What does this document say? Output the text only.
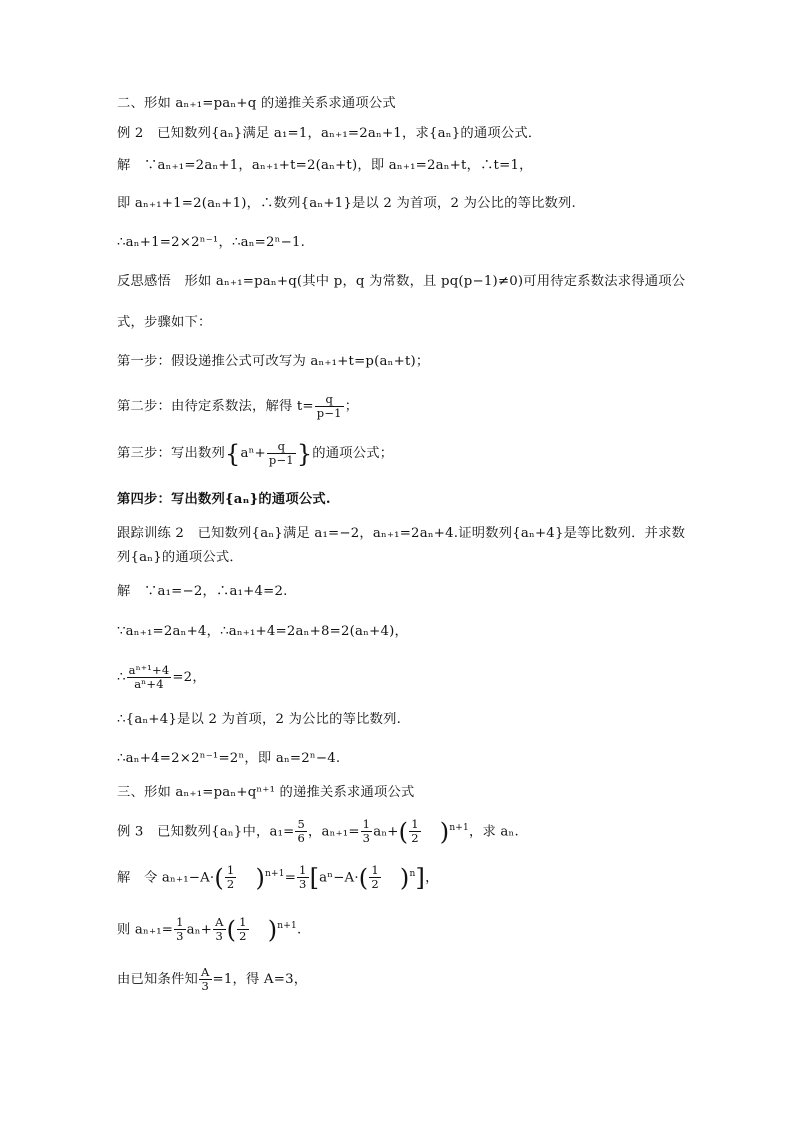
二、形如 aₙ₊₁=paₙ+q 的递推关系求通项公式
例 2　已知数列{aₙ}满足 a₁=1，aₙ₊₁=2aₙ+1，求{aₙ}的通项公式．
解　∵aₙ₊₁=2aₙ+1，aₙ₊₁+t=2(aₙ+t)，即 aₙ₊₁=2aₙ+t，∴t=1，
即 aₙ₊₁+1=2(aₙ+1)，∴数列{aₙ+1}是以 2 为首项，2 为公比的等比数列.
∴aₙ+1=2×2ⁿ⁻¹，∴aₙ=2ⁿ−1.
反思感悟　形如 aₙ₊₁=paₙ+q(其中 p，q 为常数，且 pq(p−1)≠0)可用待定系数法求得通项公
式，步骤如下：
第一步：假设递推公式可改写为 aₙ₊₁+t=p(aₙ+t)；
第二步：由待定系数法，解得 $t= \frac{q}{p-1}$ ；
第三步：写出数列{$a^n+ \frac{q}{p-1}$ }的通项公式；
第四步：写出数列{aₙ}的通项公式.
跟踪训练 2　已知数列{aₙ}满足 a₁=−2，aₙ₊₁=2aₙ+4.证明数列{aₙ+4}是等比数列．并求数
列{aₙ}的通项公式．
解　∵a₁=−2，∴a₁+4=2.
∵aₙ₊₁=2aₙ+4，∴aₙ₊₁+4=2aₙ+8=2(aₙ+4)，
∴ $\frac{\text{aⁿ⁺¹+4}}{\text{aⁿ+4}} =2$，
∴{aₙ+4}是以 2 为首项，2 为公比的等比数列.
∴aₙ+4=2×2ⁿ⁻¹=2ⁿ，即 aₙ=2ⁿ−4.
三、形如 aₙ₊₁=paₙ+qⁿ⁺¹ 的递推关系求通项公式
例 3　已知数列{aₙ}中，$a_1= \frac{5}{6}$ ，$a_{n+1}= \frac{1}{3} a_n+( \frac{1}{2} )^{n+1}$，求 aₙ.
解　令 $a_{n+1}-A\cdot( \frac{1}{2} )^{n+1}= \frac{1}{3} [a^n-A\cdot( \frac{1}{2} )^n]$，
则 $a_{n+1}= \frac{1}{3} a_n+ \frac{A}{3}$ ( $\frac{1}{2} )^{n+1}$.
由已知条件知 $\frac{A}{3} =1$，得 A=3，
